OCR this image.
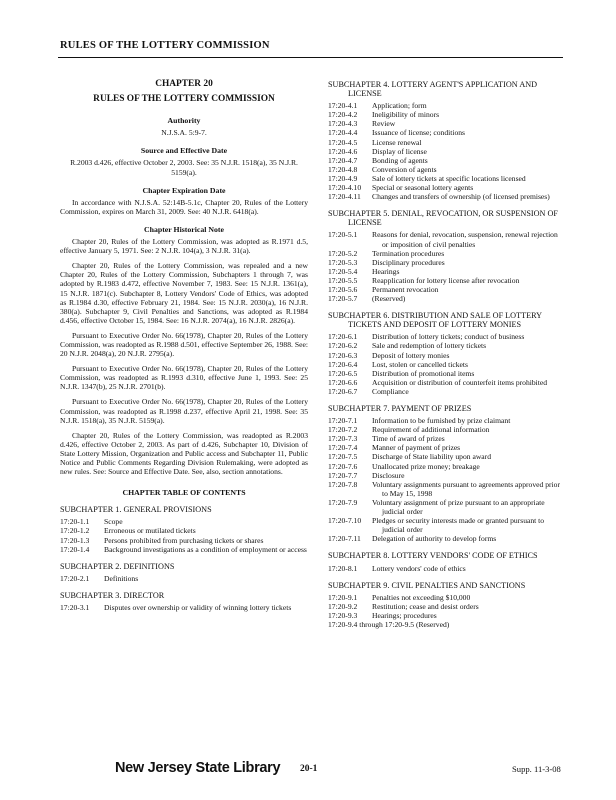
RULES OF THE LOTTERY COMMISSION
CHAPTER 20
RULES OF THE LOTTERY COMMISSION
Authority
N.J.S.A. 5:9-7.
Source and Effective Date
R.2003 d.426, effective October 2, 2003. See: 35 N.J.R. 1518(a), 35 N.J.R. 5159(a).
Chapter Expiration Date
In accordance with N.J.S.A. 52:14B-5.1c, Chapter 20, Rules of the Lottery Commission, expires on March 31, 2009. See: 40 N.J.R. 6418(a).
Chapter Historical Note
Chapter 20, Rules of the Lottery Commission, was adopted as R.1971 d.5, effective January 5, 1971. See: 2 N.J.R. 104(a), 3 N.J.R. 31(a).
Chapter 20, Rules of the Lottery Commission, was repealed and a new Chapter 20, Rules of the Lottery Commission, Subchapters 1 through 7, was adopted by R.1983 d.472, effective November 7, 1983. See: 15 N.J.R. 1361(a), 15 N.J.R. 1871(c). Subchapter 8, Lottery Vendors' Code of Ethics, was adopted as R.1984 d.30, effective February 21, 1984. See: 15 N.J.R. 2030(a), 16 N.J.R. 380(a). Subchapter 9, Civil Penalties and Sanctions, was adopted as R.1984 d.456, effective October 15, 1984. See: 16 N.J.R. 2074(a), 16 N.J.R. 2826(a).
Pursuant to Executive Order No. 66(1978), Chapter 20, Rules of the Lottery Commission, was readopted as R.1988 d.501, effective September 26, 1988. See: 20 N.J.R. 2048(a), 20 N.J.R. 2795(a).
Pursuant to Executive Order No. 66(1978), Chapter 20, Rules of the Lottery Commission, was readopted as R.1993 d.310, effective June 1, 1993. See: 25 N.J.R. 1347(b), 25 N.J.R. 2701(b).
Pursuant to Executive Order No. 66(1978), Chapter 20, Rules of the Lottery Commission, was readopted as R.1998 d.237, effective April 21, 1998. See: 35 N.J.R. 1518(a), 35 N.J.R. 5159(a).
Chapter 20, Rules of the Lottery Commission, was readopted as R.2003 d.426, effective October 2, 2003. As part of d.426, Subchapter 10, Division of State Lottery Mission, Organization and Public access and Subchapter 11, Public Notice and Public Comments Regarding Division Rulemaking, were adopted as new rules. See: Source and Effective Date. See, also, section annotations.
CHAPTER TABLE OF CONTENTS
SUBCHAPTER 1. GENERAL PROVISIONS
17:20-1.1	Scope
17:20-1.2	Erroneous or mutilated tickets
17:20-1.3	Persons prohibited from purchasing tickets or shares
17:20-1.4	Background investigations as a condition of employment or access
SUBCHAPTER 2. DEFINITIONS
17:20-2.1	Definitions
SUBCHAPTER 3. DIRECTOR
17:20-3.1	Disputes over ownership or validity of winning lottery tickets
SUBCHAPTER 4. LOTTERY AGENT'S APPLICATION AND LICENSE
17:20-4.1	Application; form
17:20-4.2	Ineligibility of minors
17:20-4.3	Review
17:20-4.4	Issuance of license; conditions
17:20-4.5	License renewal
17:20-4.6	Display of license
17:20-4.7	Bonding of agents
17:20-4.8	Conversion of agents
17:20-4.9	Sale of lottery tickets at specific locations licensed
17:20-4.10	Special or seasonal lottery agents
17:20-4.11	Changes and transfers of ownership (of licensed premises)
SUBCHAPTER 5. DENIAL, REVOCATION, OR SUSPENSION OF LICENSE
17:20-5.1	Reasons for denial, revocation, suspension, renewal rejection or imposition of civil penalties
17:20-5.2	Termination procedures
17:20-5.3	Disciplinary procedures
17:20-5.4	Hearings
17:20-5.5	Reapplication for lottery license after revocation
17:20-5.6	Permanent revocation
17:20-5.7	(Reserved)
SUBCHAPTER 6. DISTRIBUTION AND SALE OF LOTTERY TICKETS AND DEPOSIT OF LOTTERY MONIES
17:20-6.1	Distribution of lottery tickets; conduct of business
17:20-6.2	Sale and redemption of lottery tickets
17:20-6.3	Deposit of lottery monies
17:20-6.4	Lost, stolen or cancelled tickets
17:20-6.5	Distribution of promotional items
17:20-6.6	Acquisition or distribution of counterfeit items prohibited
17:20-6.7	Compliance
SUBCHAPTER 7. PAYMENT OF PRIZES
17:20-7.1	Information to be furnished by prize claimant
17:20-7.2	Requirement of additional information
17:20-7.3	Time of award of prizes
17:20-7.4	Manner of payment of prizes
17:20-7.5	Discharge of State liability upon award
17:20-7.6	Unallocated prize money; breakage
17:20-7.7	Disclosure
17:20-7.8	Voluntary assignments pursuant to agreements approved prior to May 15, 1998
17:20-7.9	Voluntary assignment of prize pursuant to an appropriate judicial order
17:20-7.10	Pledges or security interests made or granted pursuant to judicial order
17:20-7.11	Delegation of authority to develop forms
SUBCHAPTER 8. LOTTERY VENDORS' CODE OF ETHICS
17:20-8.1	Lottery vendors' code of ethics
SUBCHAPTER 9. CIVIL PENALTIES AND SANCTIONS
17:20-9.1	Penalties not exceeding $10,000
17:20-9.2	Restitution; cease and desist orders
17:20-9.3	Hearings; procedures
17:20-9.4 through 17:20-9.5 (Reserved)
New Jersey State Library 20-1	Supp. 11-3-08
